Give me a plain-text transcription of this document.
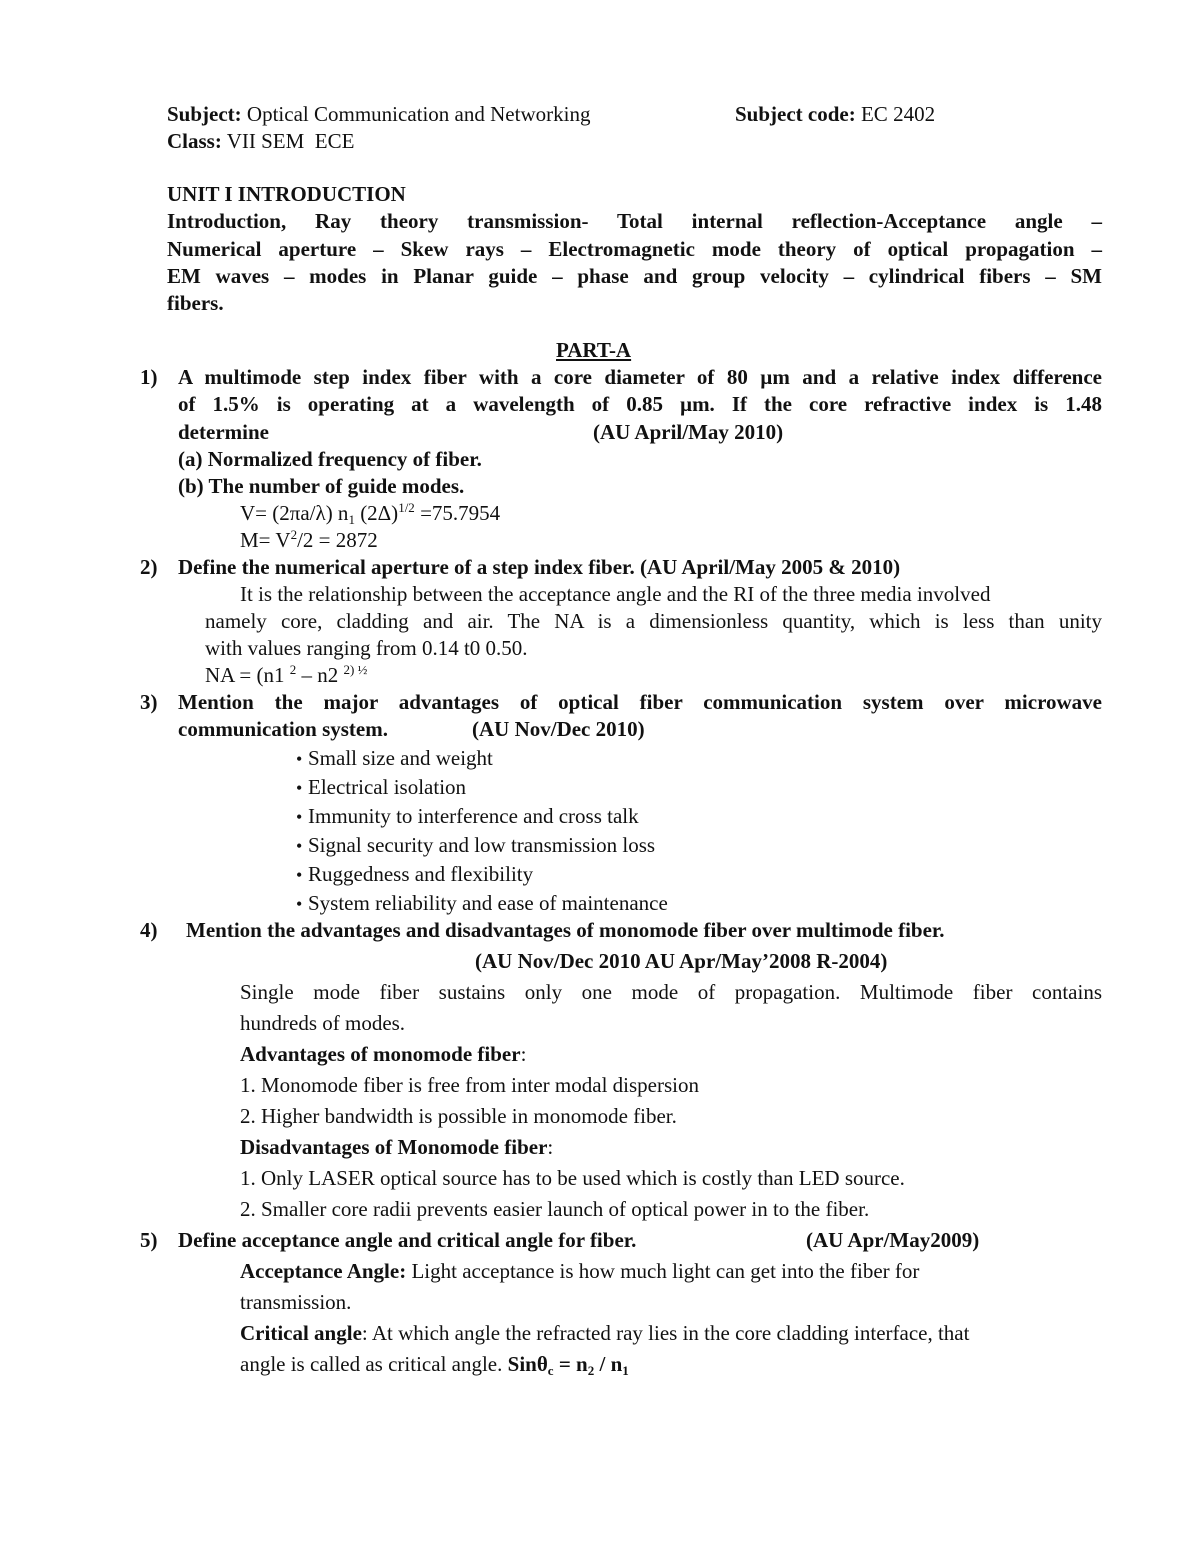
Subject: Optical Communication and Networking	Subject code: EC 2402
Class: VII SEM  ECE
UNIT I INTRODUCTION
Introduction, Ray theory transmission- Total internal reflection-Acceptance angle –
Numerical aperture – Skew rays – Electromagnetic mode theory of optical propagation –
EM waves – modes in Planar guide – phase and group velocity – cylindrical fibers – SM
fibers.
PART-A
1) A multimode step index fiber with a core diameter of 80 µm and a relative index difference
of 1.5% is operating at a wavelength of 0.85 µm. If the core refractive index is 1.48
determine	(AU April/May 2010)
(a) Normalized frequency of fiber.
(b) The number of guide modes.
V= (2πa/λ) $n_1$ $(2\Delta)^{1/2} =75.7954$
$M= V^2/2 = 2872$
2) Define the numerical aperture of a step index fiber. (AU April/May 2005 & 2010)
It is the relationship between the acceptance angle and the RI of the three media involved
namely core, cladding and air. The NA is a dimensionless quantity, which is less than unity
with values ranging from 0.14 t0 0.50.
NA = (n1 $^2$ – n2 $^{2) \frac{1}{2}}$
3) Mention the major advantages of optical fiber communication system over microwave
communication system.	(AU Nov/Dec 2010)
• Small size and weight
• Electrical isolation
• Immunity to interference and cross talk
• Signal security and low transmission loss
• Ruggedness and flexibility
• System reliability and ease of maintenance
4) Mention the advantages and disadvantages of monomode fiber over multimode fiber.
(AU Nov/Dec 2010 AU Apr/May’2008 R-2004)
Single mode fiber sustains only one mode of propagation. Multimode fiber contains
hundreds of modes.
Advantages of monomode fiber:
1. Monomode fiber is free from inter modal dispersion
2. Higher bandwidth is possible in monomode fiber.
Disadvantages of Monomode fiber:
1. Only LASER optical source has to be used which is costly than LED source.
2. Smaller core radii prevents easier launch of optical power in to the fiber.
5) Define acceptance angle and critical angle for fiber.	(AU Apr/May2009)
Acceptance Angle: Light acceptance is how much light can get into the fiber for
transmission.
Critical angle: At which angle the refracted ray lies in the core cladding interface, that
angle is called as critical angle. $Sin\theta_c = n_2 / n_1$
